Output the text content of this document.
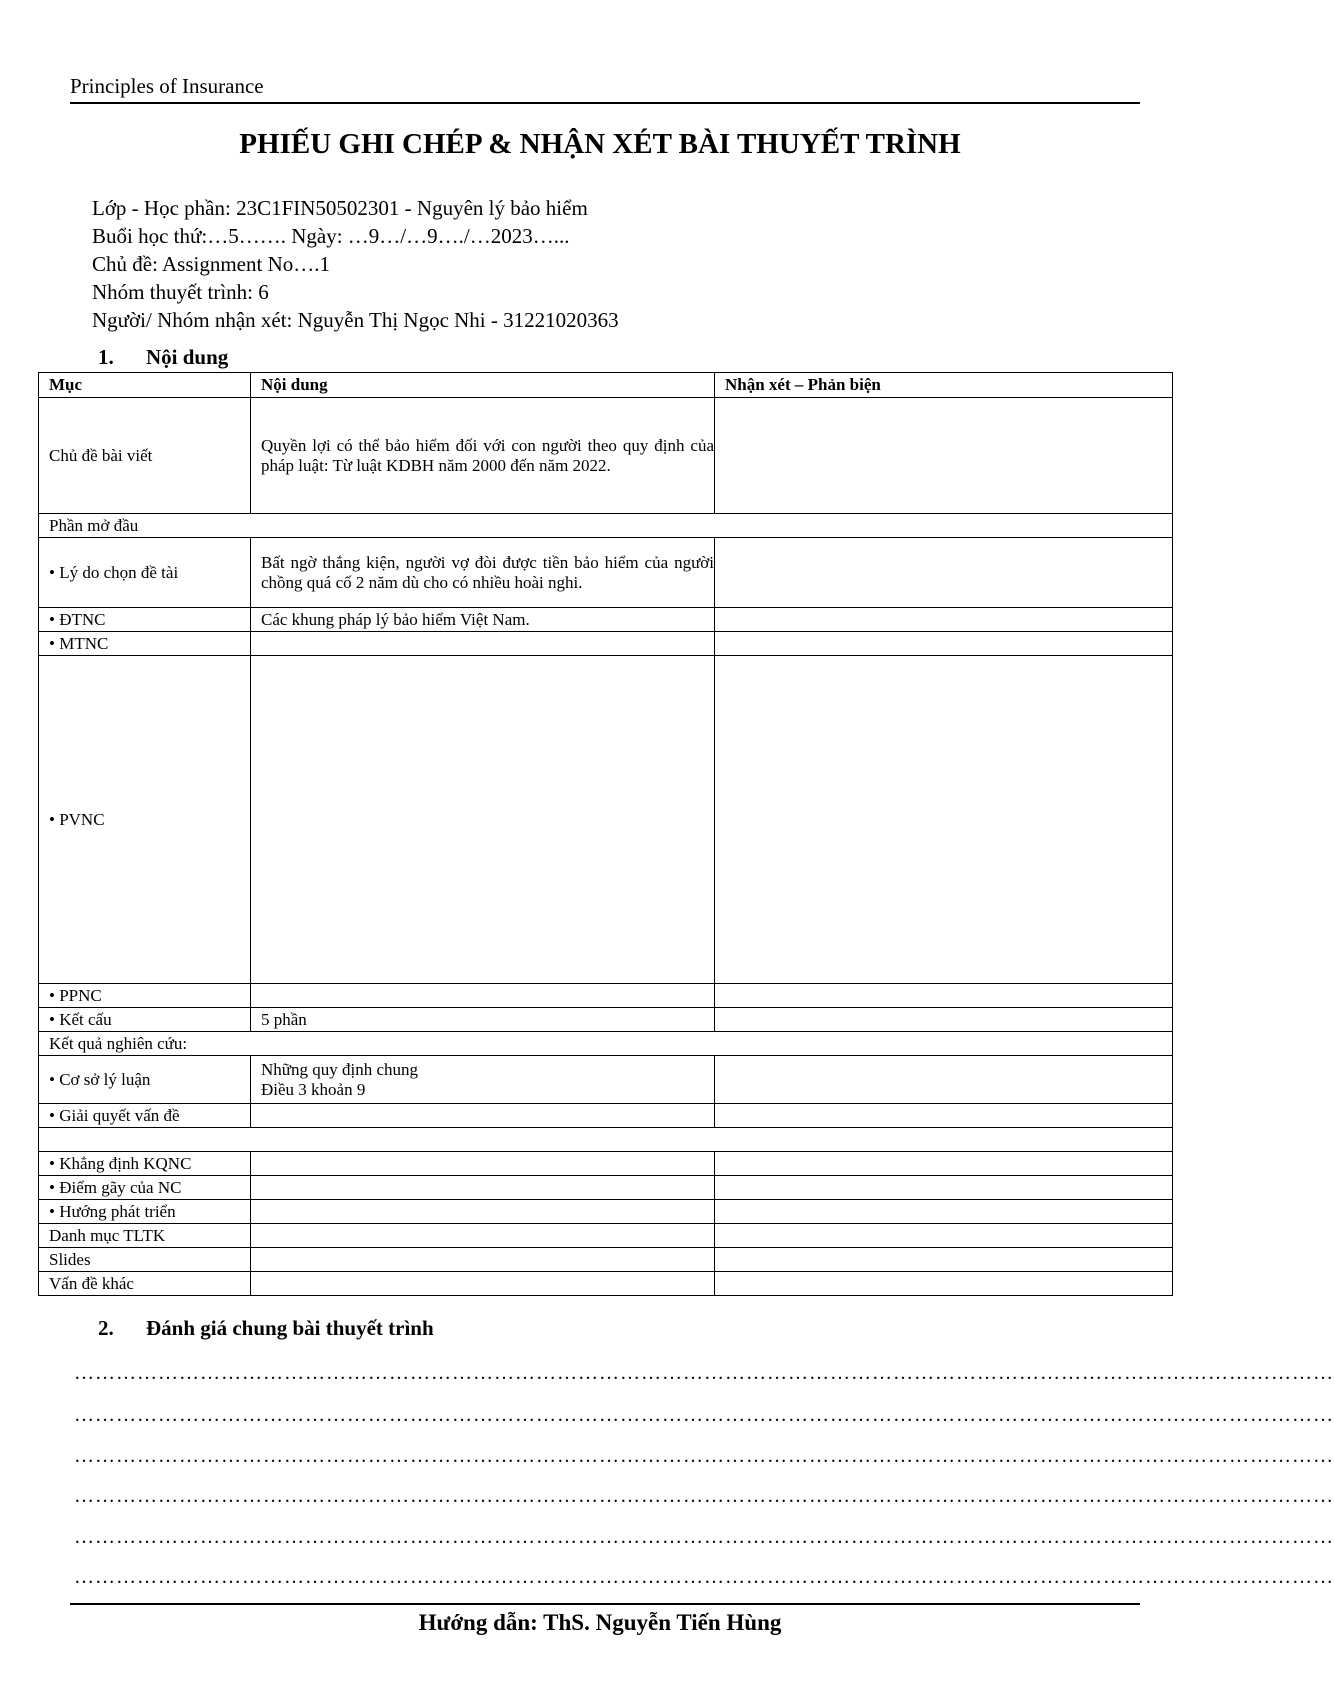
Principles of Insurance
PHIẾU GHI CHÉP & NHẬN XÉT BÀI THUYẾT TRÌNH
Lớp - Học phần: 23C1FIN50502301 - Nguyên lý bảo hiểm
Buổi học thứ:…5……. Ngày: …9…/…9…./…2023…...
Chủ đề: Assignment No….1
Nhóm thuyết trình: 6
Người/ Nhóm nhận xét: Nguyễn Thị Ngọc Nhi - 31221020363
1. Nội dung
Mục	Nội dung	Nhận xét – Phản biện
Chủ đề bài viết	Quyền lợi có thể bảo hiểm đối với con người theo quy định của pháp luật: Từ luật KDBH năm 2000 đến năm 2022.	
Phần mở đầu		
• Lý do chọn đề tài	Bất ngờ thắng kiện, người vợ đòi được tiền bảo hiểm của người chồng quá cố 2 năm dù cho có nhiều hoài nghi.	
• ĐTNC	Các khung pháp lý bảo hiểm Việt Nam.	
• MTNC		
• PVNC		
• PPNC		
• Kết cấu	5 phần	
Kết quả nghiên cứu:		
• Cơ sở lý luận	Những quy định chung
Điều 3 khoản 9	

• Giải quyết vấn đề		

• Khẳng định KQNC		
• Điểm gãy của NC		
• Hướng phát triển		
Danh mục TLTK		
Slides		
Vấn đề khác		
2. Đánh giá chung bài thuyết trình
………………………………………………………………………………………………………………………………………………………………
………………………………………………………………………………………………………………………………………………………………
………………………………………………………………………………………………………………………………………………………………
………………………………………………………………………………………………………………………………………………………………
………………………………………………………………………………………………………………………………………………………………
………………………………………………………………………………………………………………………………………………………………
Hướng dẫn: ThS. Nguyễn Tiến Hùng
